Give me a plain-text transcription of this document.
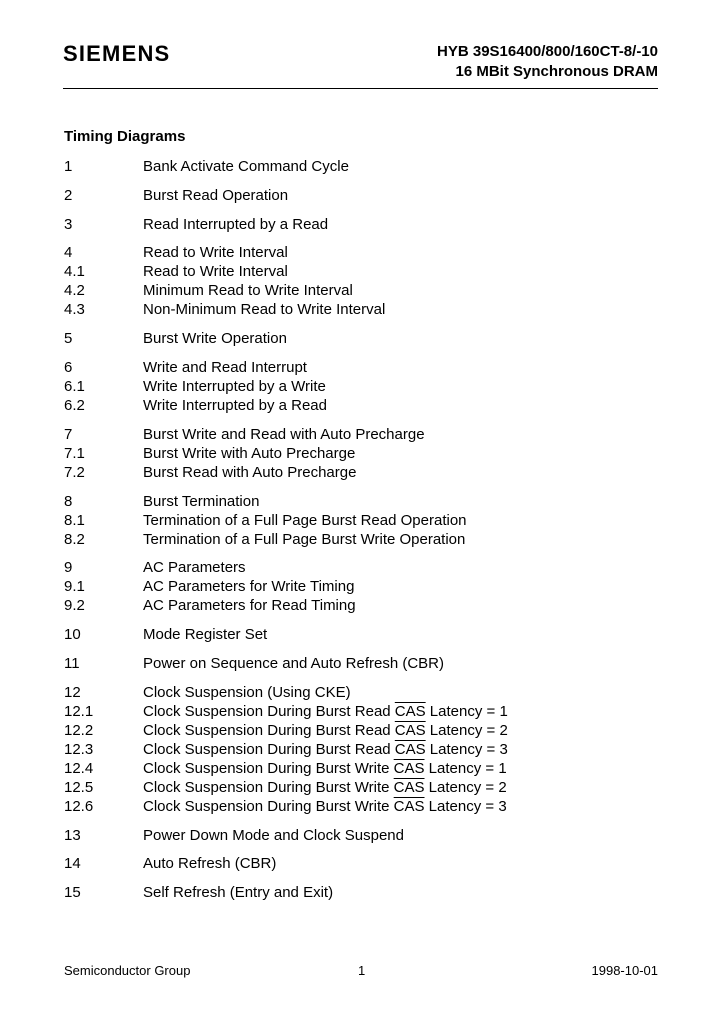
SIEMENS	HYB 39S16400/800/160CT-8/-10
16 MBit Synchronous DRAM
Timing Diagrams
1	Bank Activate Command Cycle
2	Burst Read Operation
3	Read Interrupted by a Read
4	Read to Write Interval
4.1	Read to Write Interval
4.2	Minimum Read to Write Interval
4.3	Non-Minimum Read to Write Interval
5	Burst Write Operation
6	Write and Read Interrupt
6.1	Write Interrupted by a Write
6.2	Write Interrupted by a Read
7	Burst Write and Read with Auto Precharge
7.1	Burst Write with Auto Precharge
7.2	Burst Read with Auto Precharge
8	Burst Termination
8.1	Termination of a Full Page Burst Read Operation
8.2	Termination of a Full Page Burst Write Operation
9	AC Parameters
9.1	AC Parameters for Write Timing
9.2	AC Parameters for Read Timing
10	Mode Register Set
11	Power on Sequence and Auto Refresh (CBR)
12	Clock Suspension (Using CKE)
12.1	Clock Suspension During Burst Read $\overline{CAS}$ Latency = 1
12.2	Clock Suspension During Burst Read $\overline{CAS}$ Latency = 2
12.3	Clock Suspension During Burst Read $\overline{CAS}$ Latency = 3
12.4	Clock Suspension During Burst Write $\overline{CAS}$ Latency = 1
12.5	Clock Suspension During Burst Write $\overline{CAS}$ Latency = 2
12.6	Clock Suspension During Burst Write $\overline{CAS}$ Latency = 3
13	Power Down Mode and Clock Suspend
14	Auto Refresh (CBR)
15	Self Refresh (Entry and Exit)
Semiconductor Group	1	1998-10-01
